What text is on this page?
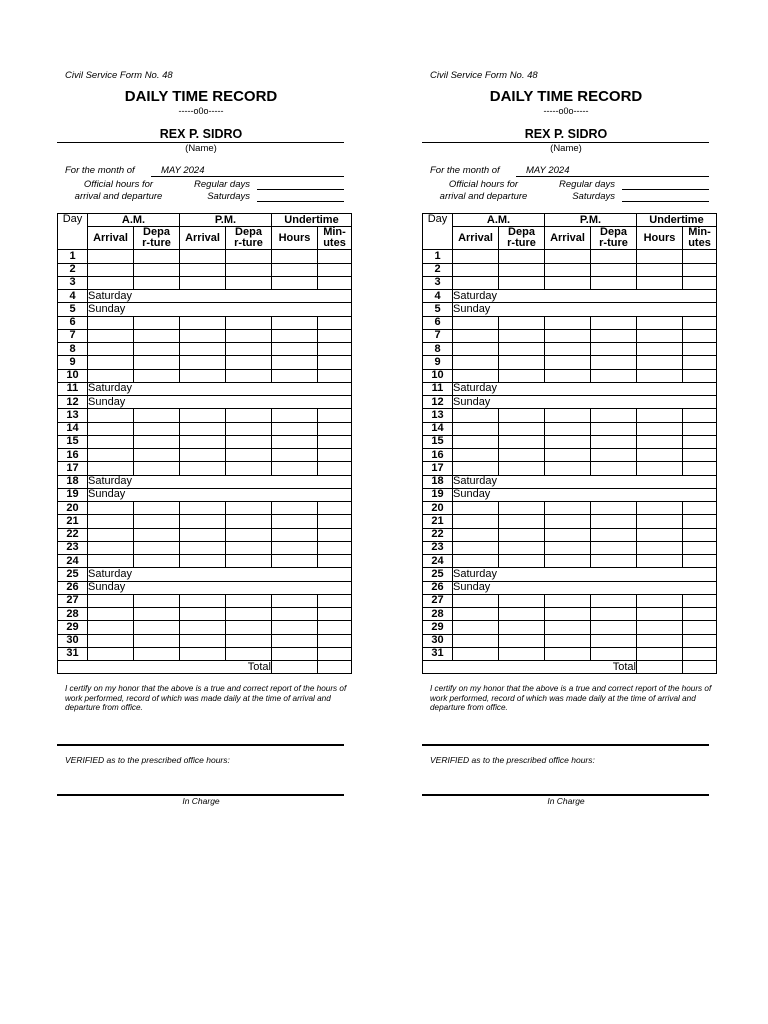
Civil Service Form No. 48
DAILY TIME RECORD
-----o0o-----
REX P. SIDRO
(Name)
For the month of	MAY 2024
Official hours for
arrival and departure
Regular days
Saturdays
Day	A.M.		P.M.		Undertime	
	Arrival	Depar-ture	Arrival	Depar-ture	Hours	Min-utes
1						
2						
3						
4	Saturday					
5	Sunday					
6						
7						
8						
9						
10						
11	Saturday					
12	Sunday					
13						
14						
15						
16						
17						
18	Saturday					
19	Sunday					
20						
21						
22						
23						
24						
25	Saturday					
26	Sunday					
27						
28						
29						
30						
31						
Total						
I certify on my honor that the above is a true and correct report of the hours of work performed, record of which was made daily at the time of arrival and departure from office.
VERIFIED as to the prescribed office hours:
In Charge
Civil Service Form No. 48
DAILY TIME RECORD
-----o0o-----
REX P. SIDRO
(Name)
For the month of	MAY 2024
Official hours for
arrival and departure
Regular days
Saturdays
Day	A.M.		P.M.		Undertime	
	Arrival	Depar-ture	Arrival	Depar-ture	Hours	Min-utes
1						
2						
3						
4	Saturday					
5	Sunday					
6						
7						
8						
9						
10						
11	Saturday					
12	Sunday					
13						
14						
15						
16						
17						
18	Saturday					
19	Sunday					
20						
21						
22						
23						
24						
25	Saturday					
26	Sunday					
27						
28						
29						
30						
31						
Total						
I certify on my honor that the above is a true and correct report of the hours of work performed, record of which was made daily at the time of arrival and departure from office.
VERIFIED as to the prescribed office hours:
In Charge
